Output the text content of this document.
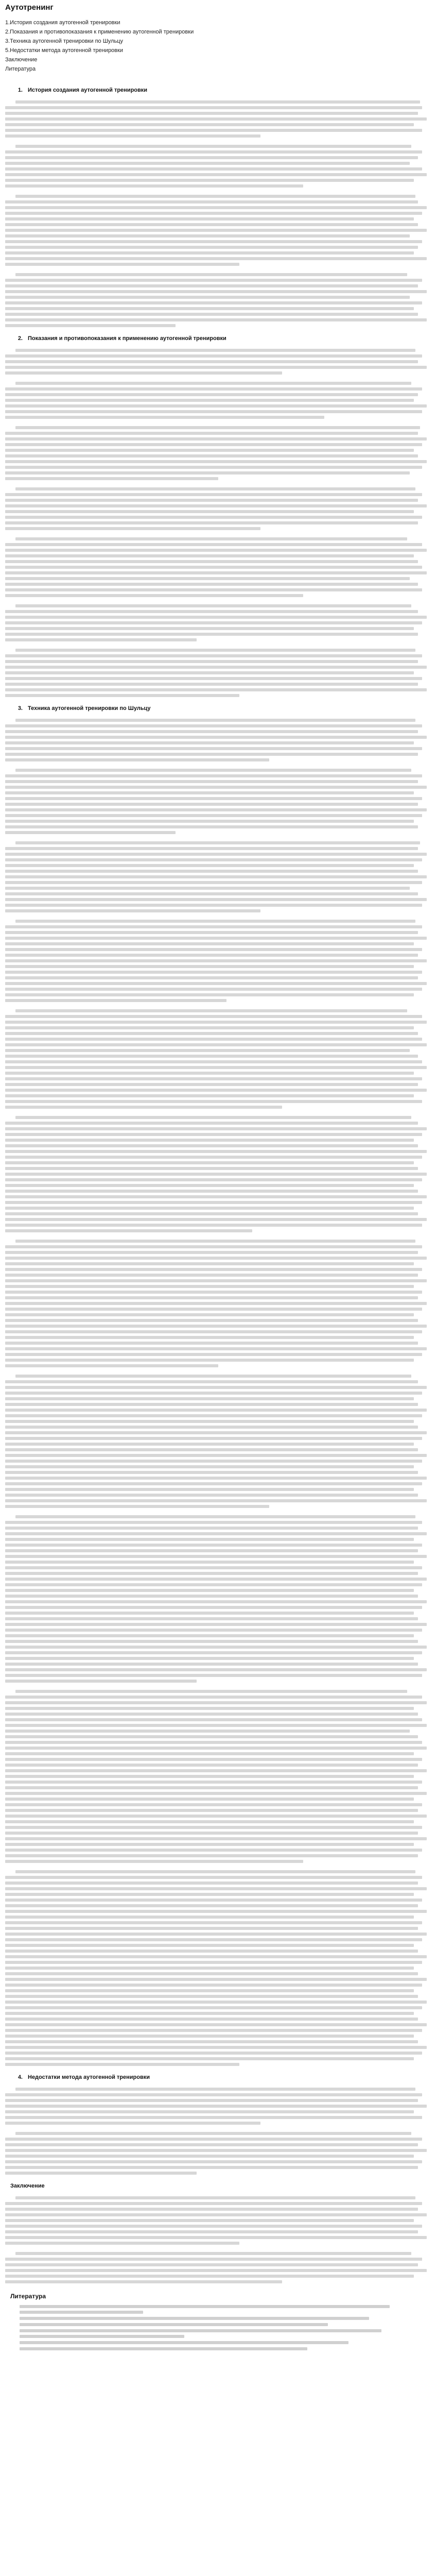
Аутотренинг
1.История создания аутогенной тренировки
2.Показания и противопоказания к применению аутогенной тренировки
3.Техника аутогенной тренировки по Шульцу
5.Недостатки метода аутогенной тренировки
Заключение
Литература
1. История создания аутогенной тренировки
2. Показания и противопоказания к применению аутогенной тренировки
3. Техника аутогенной тренировки по Шульцу
4. Недостатки метода аутогенной тренировки
Заключение
Литература
